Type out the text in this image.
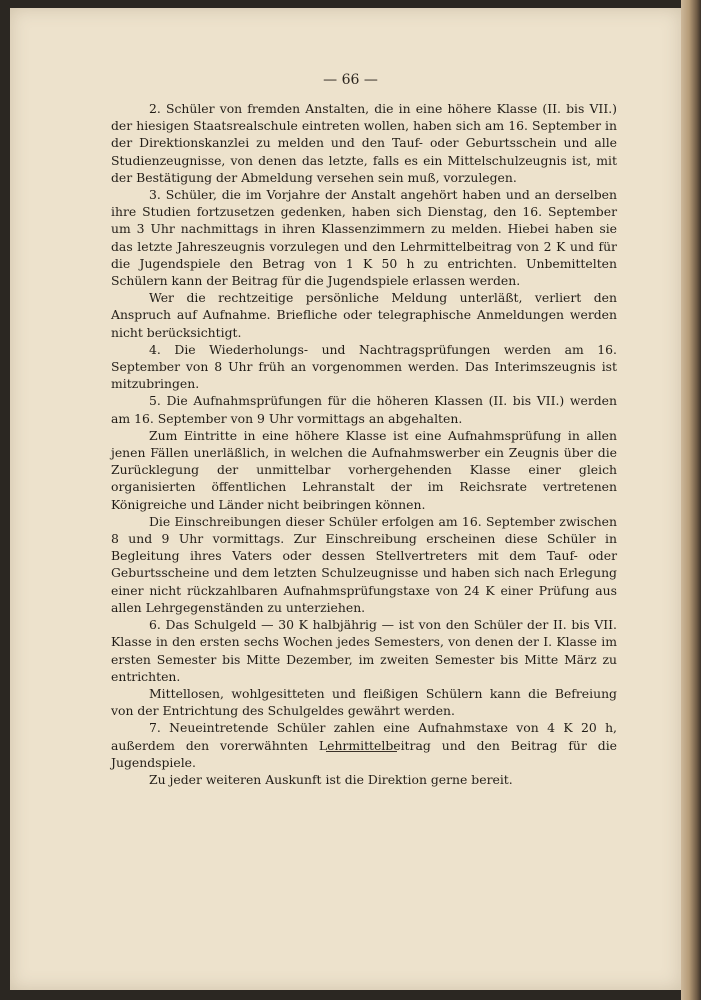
— 66 —

2. Schüler von fremden Anstalten, die in eine höhere Klasse (II. bis VII.) der hiesigen Staatsrealschule eintreten wollen, haben sich am 16. September in der Direktionskanzlei zu melden und den Tauf- oder Geburtsschein und alle Studienzeugnisse, von denen das letzte, falls es ein Mittelschulzeugnis ist, mit der Bestätigung der Abmeldung versehen sein muß, vorzulegen.

3. Schüler, die im Vorjahre der Anstalt angehört haben und an derselben ihre Studien fortzusetzen gedenken, haben sich Dienstag, den 16. September um 3 Uhr nachmittags in ihren Klassenzimmern zu melden. Hiebei haben sie das letzte Jahreszeugnis vorzulegen und den Lehrmittelbeitrag von 2 K und für die Jugendspiele den Betrag von 1 K 50 h zu entrichten. Unbemittelten Schülern kann der Beitrag für die Jugendspiele erlassen werden.

Wer die rechtzeitige persönliche Meldung unterläßt, verliert den Anspruch auf Aufnahme. Briefliche oder telegraphische Anmeldungen werden nicht berücksichtigt.

4. Die Wiederholungs- und Nachtragsprüfungen werden am 16. September von 8 Uhr früh an vorgenommen werden. Das Interimszeugnis ist mitzubringen.

5. Die Aufnahmsprüfungen für die höheren Klassen (II. bis VII.) werden am 16. September von 9 Uhr vormittags an abgehalten.

Zum Eintritte in eine höhere Klasse ist eine Aufnahmsprüfung in allen jenen Fällen unerläßlich, in welchen die Aufnahmswerber ein Zeugnis über die Zurücklegung der unmittelbar vorhergehenden Klasse einer gleich organisierten öffentlichen Lehranstalt der im Reichsrate vertretenen Königreiche und Länder nicht beibringen können.

Die Einschreibungen dieser Schüler erfolgen am 16. September zwischen 8 und 9 Uhr vormittags. Zur Einschreibung erscheinen diese Schüler in Begleitung ihres Vaters oder dessen Stellvertreters mit dem Tauf- oder Geburtsscheine und dem letzten Schulzeugnisse und haben sich nach Erlegung einer nicht rückzahlbaren Aufnahmsprüfungstaxe von 24 K einer Prüfung aus allen Lehrgegenständen zu unterziehen.

6. Das Schulgeld — 30 K halbjährig — ist von den Schüler der II. bis VII. Klasse in den ersten sechs Wochen jedes Semesters, von denen der I. Klasse im ersten Semester bis Mitte Dezember, im zweiten Semester bis Mitte März zu entrichten.

Mittellosen, wohlgesitteten und fleißigen Schülern kann die Befreiung von der Entrichtung des Schulgeldes gewährt werden.

7. Neueintretende Schüler zahlen eine Aufnahmstaxe von 4 K 20 h, außerdem den vorerwähnten Lehrmittelbeitrag und den Beitrag für die Jugendspiele.

Zu jeder weiteren Auskunft ist die Direktion gerne bereit.
